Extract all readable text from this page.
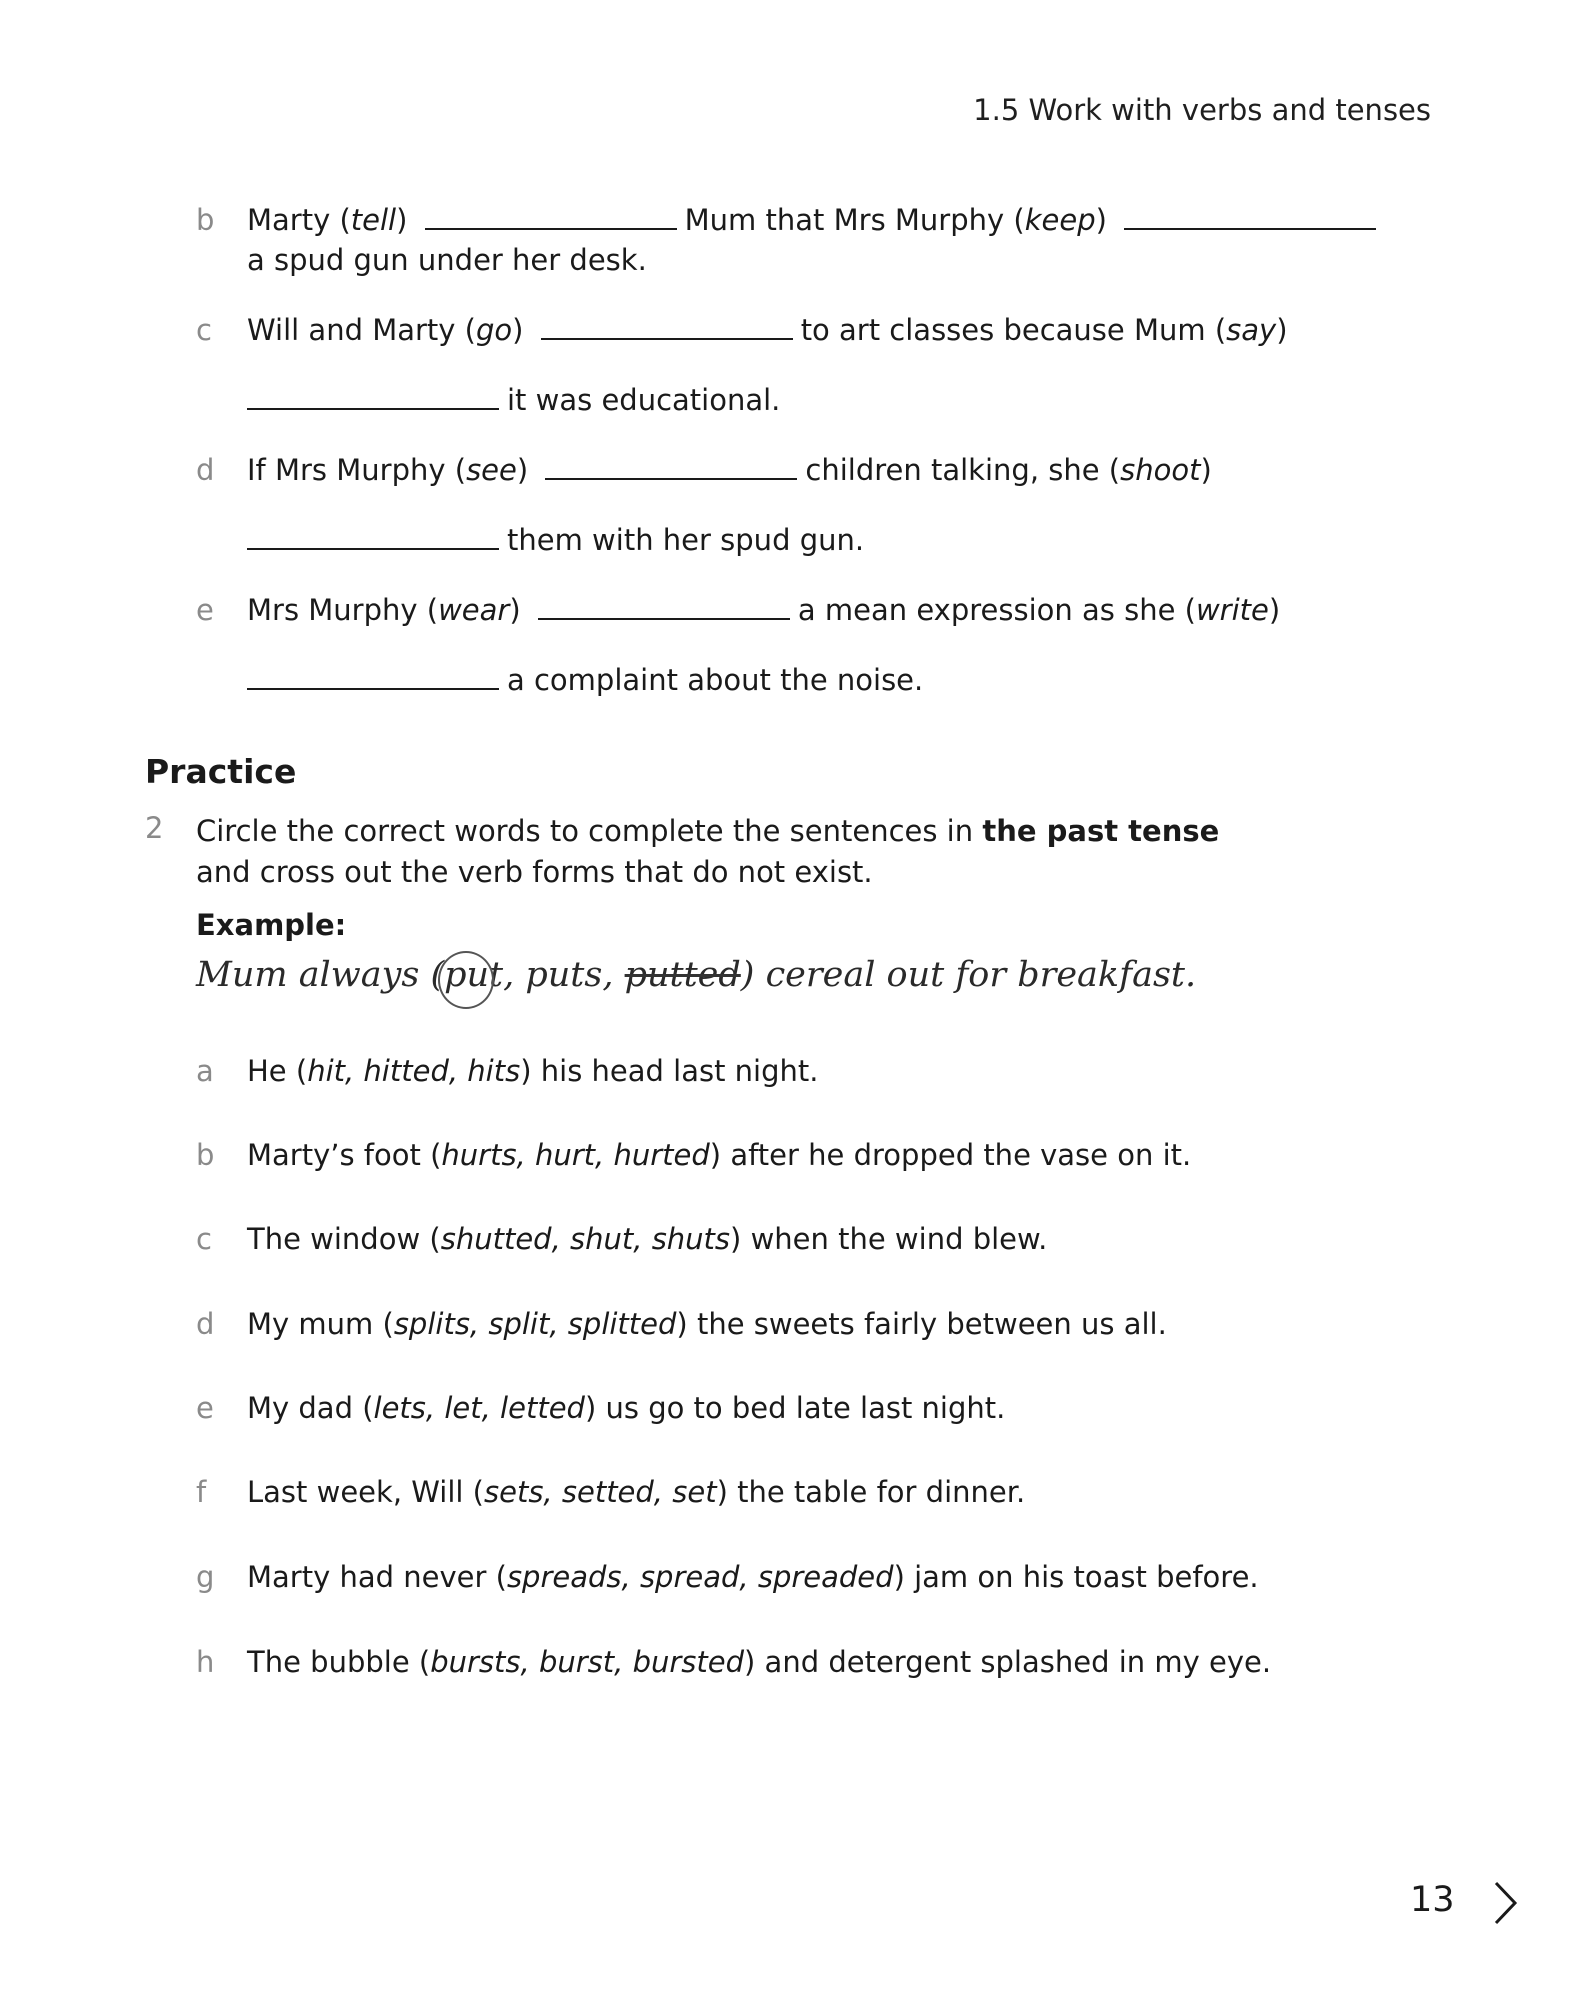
1.5 Work with verbs and tenses
b	Marty (tell)	Mum that Mrs Murphy (keep)
a spud gun under her desk.
c	Will and Marty (go)	to art classes because Mum (say)
it was educational.
d	If Mrs Murphy (see)	children talking, she (shoot)
them with her spud gun.
e	Mrs Murphy (wear)	a mean expression as she (write)
a complaint about the noise.
Practice
2 Circle the correct words to complete the sentences in the past tense
and cross out the verb forms that do not exist.
Example:
Mum always (put, puts, putted) cereal out for breakfast.
a	He (hit, hitted, hits) his head last night.
b	Marty’s foot (hurts, hurt, hurted) after he dropped the vase on it.
c	The window (shutted, shut, shuts) when the wind blew.
d	My mum (splits, split, splitted) the sweets fairly between us all.
e	My dad (lets, let, letted) us go to bed late last night.
f	Last week, Will (sets, setted, set) the table for dinner.
g	Marty had never (spreads, spread, spreaded) jam on his toast before.
h	The bubble (bursts, burst, bursted) and detergent splashed in my eye.
13
